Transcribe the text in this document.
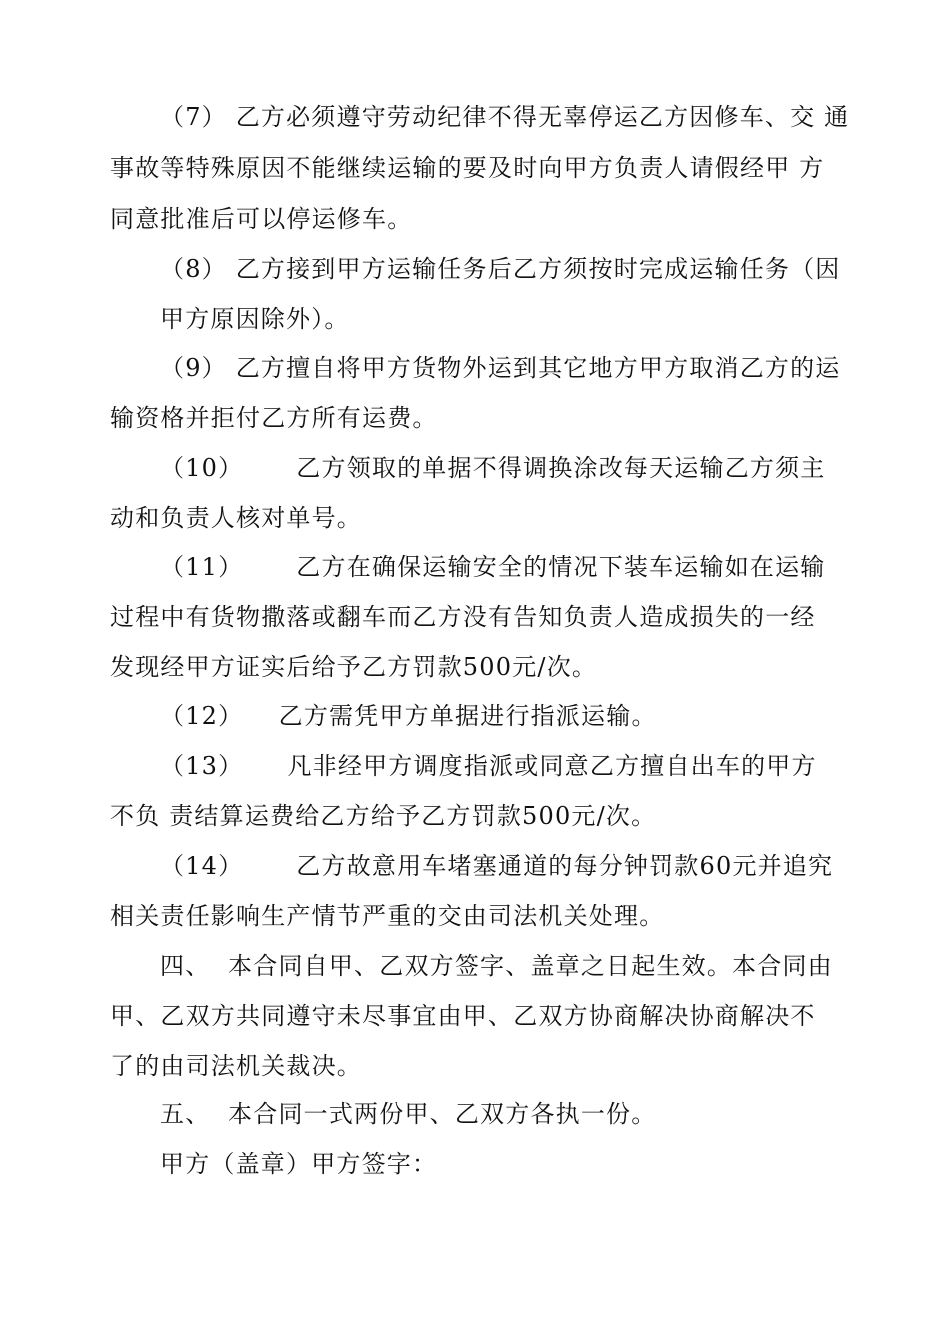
（7） 乙方必须遵守劳动纪律不得无辜停运乙方因修车、交 通
事故等特殊原因不能继续运输的要及时向甲方负责人请假经甲 方
同意批准后可以停运修车。
（8） 乙方接到甲方运输任务后乙方须按时完成运输任务（因
甲方原因除外）。
（9） 乙方擅自将甲方货物外运到其它地方甲方取消乙方的运
输资格并拒付乙方所有运费。
（10）      乙方领取的单据不得调换涂改每天运输乙方须主
动和负责人核对单号。
（11）      乙方在确保运输安全的情况下装车运输如在运输
过程中有货物撒落或翻车而乙方没有告知负责人造成损失的一经
发现经甲方证实后给予乙方罚款500元/次。
（12）    乙方需凭甲方单据进行指派运输。
（13）     凡非经甲方调度指派或同意乙方擅自出车的甲方
不负 责结算运费给乙方给予乙方罚款500元/次。
（14）      乙方故意用车堵塞通道的每分钟罚款60元并追究
相关责任影响生产情节严重的交由司法机关处理。
四、  本合同自甲、乙双方签字、盖章之日起生效。本合同由
甲、乙双方共同遵守未尽事宜由甲、乙双方协商解决协商解决不
了的由司法机关裁决。
五、  本合同一式两份甲、乙双方各执一份。
甲方（盖章）甲方签字：
